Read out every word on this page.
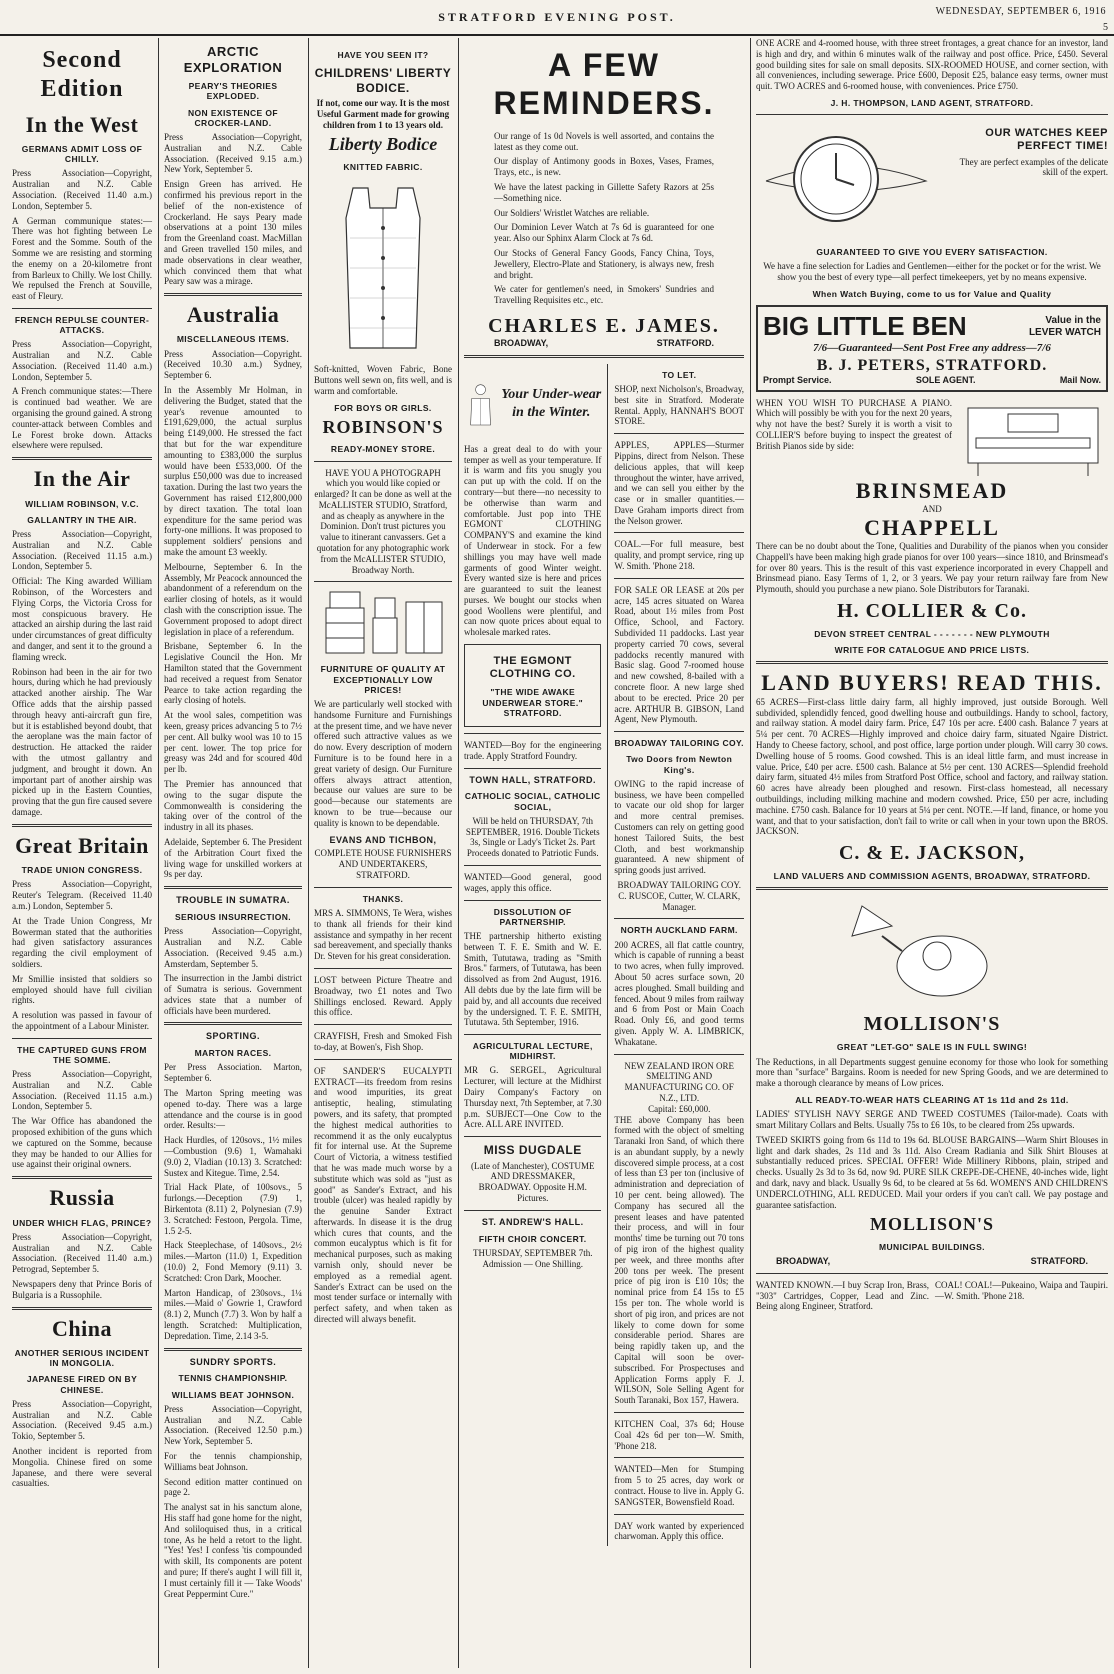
STRATFORD EVENING POST.	WEDNESDAY, SEPTEMBER 6, 1916
5
Second Edition
In the West
GERMANS ADMIT LOSS OF CHILLY.

Press Association—Copyright, Australian and N.Z. Cable Association. (Received 11.40 a.m.) London, September 5.

A German communique states:—There was hot fighting between Le Forest and the Somme. South of the Somme we are resisting and storming the enemy on a 20-kilometre front from Barleux to Chilly. We lost Chilly. We repulsed the French at Souville, east of Fleury.

FRENCH REPULSE COUNTER-ATTACKS.

Press Association—Copyright, Australian and N.Z. Cable Association. (Received 11.40 a.m.) London, September 5.

A French communique states:—There is continued bad weather. We are organising the ground gained. A strong counter-attack between Combles and Le Forest broke down. Attacks elsewhere were repulsed.

In the Air
WILLIAM ROBINSON, V.C.
GALLANTRY IN THE AIR.

Press Association—Copyright, Australian and N.Z. Cable Association. (Received 11.15 a.m.) London, September 5.

Official: The King awarded William Robinson, of the Worcesters and Flying Corps, the Victoria Cross for most conspicuous bravery. He attacked an airship during the last raid under circumstances of great difficulty and danger, and sent it to the ground a flaming wreck.

Robinson had been in the air for two hours, during which he had previously attacked another airship. The War Office adds that the airship passed through heavy anti-aircraft gun fire, but it is established beyond doubt, that the aeroplane was the main factor of destruction. He attacked the raider with the utmost gallantry and judgment, and brought it down. An important part of another airship was picked up in the Eastern Counties, proving that the gun fire caused severe damage.

Great Britain
TRADE UNION CONGRESS.

Press Association—Copyright, Reuter's Telegram. (Received 11.40 a.m.) London, September 5.

At the Trade Union Congress, Mr Bowerman stated that the authorities had given satisfactory assurances regarding the civil employment of soldiers.

Mr Smillie insisted that soldiers so employed should have full civilian rights.

A resolution was passed in favour of the appointment of a Labour Minister.

THE CAPTURED GUNS FROM THE SOMME.

Press Association—Copyright, Australian and N.Z. Cable Association. (Received 11.15 a.m.) London, September 5.

The War Office has abandoned the proposed exhibition of the guns which we captured on the Somme, because they may be handed to our Allies for use against their original owners.

Russia
UNDER WHICH FLAG, PRINCE?

Press Association—Copyright, Australian and N.Z. Cable Association. (Received 11.40 a.m.) Petrograd, September 5.

Newspapers deny that Prince Boris of Bulgaria is a Russophile.

China
ANOTHER SERIOUS INCIDENT IN MONGOLIA.
JAPANESE FIRED ON BY CHINESE.

Press Association—Copyright, Australian and N.Z. Cable Association. (Received 9.45 a.m.) Tokio, September 5.

Another incident is reported from Mongolia. Chinese fired on some Japanese, and there were several casualties.

ARCTIC EXPLORATION
PEARY'S THEORIES EXPLODED.
NON EXISTENCE OF CROCKER-LAND.

Press Association—Copyright, Australian and N.Z. Cable Association. (Received 9.15 a.m.) New York, September 5.

Ensign Green has arrived. He confirmed his previous report in the belief of the non-existence of Crockerland. He says Peary made observations at a point 130 miles from the Greenland coast. MacMillan and Green travelled 150 miles, and made observations in clear weather, which convinced them that what Peary saw was a mirage.

Australia
MISCELLANEOUS ITEMS.

Press Association—Copyright. (Received 10.30 a.m.) Sydney, September 6.

In the Assembly Mr Holman, in delivering the Budget, stated that the year's revenue amounted to £191,629,000, the actual surplus being £149,000. He stressed the fact that but for the war expenditure amounting to £383,000 the surplus would have been £533,000. Of the surplus £50,000 was due to increased taxation. During the last two years the Government has raised £12,800,000 by direct taxation. The total loan expenditure for the same period was forty-one millions. It was proposed to supplement soldiers' pensions and make the amount £3 weekly.

Melbourne, September 6. In the Assembly, Mr Peacock announced the abandonment of a referendum on the earlier closing of hotels, as it would clash with the conscription issue. The Government proposed to adopt direct legislation in place of a referendum.

Brisbane, September 6. In the Legislative Council the Hon. Mr Hamilton stated that the Government had received a request from Senator Pearce to take action regarding the early closing of hotels.

At the wool sales, competition was keen, greasy prices advancing 5 to 7½ per cent. All bulky wool was 10 to 15 per cent. lower. The top price for greasy was 24d and for scoured 40d per lb.

The Premier has announced that owing to the sugar dispute the Commonwealth is considering the taking over of the control of the industry in all its phases.

Adelaide, September 6. The President of the Arbitration Court fixed the living wage for unskilled workers at 9s per day.

TROUBLE IN SUMATRA.
SERIOUS INSURRECTION.

Press Association—Copyright, Australian and N.Z. Cable Association. (Received 9.45 a.m.) Amsterdam, September 5.

The insurrection in the Jambi district of Sumatra is serious. Government advices state that a number of officials have been murdered.

SPORTING.
MARTON RACES.

Per Press Association. Marton, September 6.

The Marton Spring meeting was opened to-day. There was a large attendance and the course is in good order. Results:—

Hack Hurdles, of 120sovs., 1½ miles —Combustion (9.6) 1, Wamahaki (9.0) 2, Vladian (10.13) 3. Scratched: Sustex and Kitegue. Time, 2.54.

Trial Hack Plate, of 100sovs., 5 furlongs.—Deception (7.9) 1, Birkentota (8.11) 2, Polynesian (7.9) 3. Scratched: Festoon, Pergola. Time, 1.5 2-5.

Hack Steeplechase, of 140sovs., 2½ miles.—Marton (11.0) 1, Expedition (10.0) 2, Fond Memory (9.11) 3. Scratched: Cron Dark, Moocher.

Marton Handicap, of 230sovs., 1¼ miles.—Maid o' Gowrie 1, Crawford (8.1) 2, Munch (7.7) 3. Won by half a length. Scratched: Multiplication, Depredation. Time, 2.14 3-5.

SUNDRY SPORTS.
TENNIS CHAMPIONSHIP.
WILLIAMS BEAT JOHNSON.

Press Association—Copyright, Australian and N.Z. Cable Association. (Received 12.50 p.m.) New York, September 5.

For the tennis championship, Williams beat Johnson.

Second edition matter continued on page 2.

The analyst sat in his sanctum alone, His staff had gone home for the night, And soliloquised thus, in a critical tone, As he held a retort to the light. "Yes! Yes! I confess 'tis compounded with skill, Its components are potent and pure; If there's aught I will fill it, I must certainly fill it — Take Woods' Great Peppermint Cure."

HAVE YOU SEEN IT?
CHILDRENS' LIBERTY BODICE.

If not, come our way. It is the most Useful Garment made for growing children from 1 to 13 years old.

Liberty Bodice
KNITTED FABRIC.

Soft-knitted, Woven Fabric, Bone Buttons well sewn on, fits well, and is warm and comfortable.

FOR BOYS OR GIRLS.
ROBINSON'S
READY-MONEY STORE.

HAVE YOU A PHOTOGRAPH which you would like copied or enlarged? It can be done as well at the McALLISTER STUDIO, Stratford, and as cheaply as anywhere in the Dominion. Don't trust pictures you value to itinerant canvassers. Get a quotation for any photographic work from the McALLISTER STUDIO, Broadway North.

FURNITURE OF QUALITY AT EXCEPTIONALLY LOW PRICES!

We are particularly well stocked with handsome Furniture and Furnishings at the present time, and we have never offered such attractive values as we do now. Every description of modern Furniture is to be found here in a great variety of design. Our Furniture offers always attract attention, because our values are sure to be good—because our statements are known to be true—because our quality is known to be dependable.

EVANS AND TICHBON,

COMPLETE HOUSE FURNISHERS AND UNDERTAKERS, STRATFORD.

THANKS.

MRS A. SIMMONS, Te Wera, wishes to thank all friends for their kind assistance and sympathy in her recent sad bereavement, and specially thanks Dr. Steven for his great consideration.

LOST between Picture Theatre and Broadway, two £1 notes and Two Shillings enclosed. Reward. Apply this office.

CRAYFISH, Fresh and Smoked Fish to-day, at Bowen's, Fish Shop.

OF SANDER'S EUCALYPTI EXTRACT—its freedom from resins and wood impurities, its great antiseptic, healing, stimulating powers, and its safety, that prompted the highest medical authorities to recommend it as the only eucalyptus fit for internal use. At the Supreme Court of Victoria, a witness testified that he was made much worse by a substitute which was sold as "just as good" as Sander's Extract, and his trouble (ulcer) was healed rapidly by the genuine Sander Extract afterwards. In disease it is the drug which cures that counts, and the common eucalyptus which is fit for mechanical purposes, such as making varnish only, should never be employed as a remedial agent. Sander's Extract can be used on the most tender surface or internally with perfect safety, and when taken as directed will always benefit.

A FEW REMINDERS.

Our range of 1s 0d Novels is well assorted, and contains the latest as they come out.

Our display of Antimony goods in Boxes, Vases, Frames, Trays, etc., is new.

We have the latest packing in Gillette Safety Razors at 25s —Something nice.

Our Soldiers' Wristlet Watches are reliable.

Our Dominion Lever Watch at 7s 6d is guaranteed for one year. Also our Sphinx Alarm Clock at 7s 6d.

Our Stocks of General Fancy Goods, Fancy China, Toys, Jewellery, Electro-Plate and Stationery, is always new, fresh and bright.

We cater for gentlemen's need, in Smokers' Sundries and Travelling Requisites etc., etc.

CHARLES E. JAMES.
BROADWAY,	STRATFORD.
Your Under-wear in the Winter.

Has a great deal to do with your temper as well as your temperature. If it is warm and fits you snugly you can put up with the cold. If on the contrary—but there—no necessity to be otherwise than warm and comfortable. Just pop into THE EGMONT CLOTHING COMPANY'S and examine the kind of Underwear in stock. For a few shillings you may have well made garments of good Winter weight. Every wanted size is here and prices are guaranteed to suit the leanest purses. We bought our stocks when good Woollens were plentiful, and can now quote prices about equal to wholesale marked rates.

THE EGMONT CLOTHING CO.
"THE WIDE AWAKE UNDERWEAR STORE." STRATFORD.

WANTED—Boy for the engineering trade. Apply Stratford Foundry.

TOWN HALL, STRATFORD.
CATHOLIC SOCIAL, CATHOLIC SOCIAL,

Will be held on THURSDAY, 7th SEPTEMBER, 1916. Double Tickets 3s, Single or Lady's Ticket 2s. Part Proceeds donated to Patriotic Funds.

WANTED—Good general, good wages, apply this office.

DISSOLUTION OF PARTNERSHIP.

THE partnership hitherto existing between T. F. E. Smith and W. E. Smith, Tututawa, trading as "Smith Bros." farmers, of Tututawa, has been dissolved as from 2nd August, 1916. All debts due by the late firm will be paid by, and all accounts due received by the undersigned. T. F. E. SMITH, Tututawa. 5th September, 1916.

AGRICULTURAL LECTURE, MIDHIRST.

MR G. SERGEL, Agricultural Lecturer, will lecture at the Midhirst Dairy Company's Factory on Thursday next, 7th September, at 7.30 p.m. SUBJECT—One Cow to the Acre. ALL ARE INVITED.

MISS DUGDALE

(Late of Manchester), COSTUME AND DRESSMAKER, BROADWAY. Opposite H.M. Pictures.

ST. ANDREW'S HALL.
FIFTH CHOIR CONCERT.

THURSDAY, SEPTEMBER 7th. Admission — One Shilling.

TO LET.

SHOP, next Nicholson's, Broadway, best site in Stratford. Moderate Rental. Apply, HANNAH'S BOOT STORE.

APPLES, APPLES—Sturmer Pippins, direct from Nelson. These delicious apples, that will keep throughout the winter, have arrived, and we can sell you either by the case or in smaller quantities.—Dave Graham imports direct from the Nelson grower.

COAL.—For full measure, best quality, and prompt service, ring up W. Smith. 'Phone 218.

FOR SALE OR LEASE at 20s per acre, 145 acres situated on Warea Road, about 1½ miles from Post Office, School, and Factory. Subdivided 11 paddocks. Last year property carried 70 cows, several paddocks recently manured with Basic slag. Good 7-roomed house and new cowshed, 8-bailed with a concrete floor. A new large shed about to be erected. Price 20 per acre. ARTHUR B. GIBSON, Land Agent, New Plymouth.

BROADWAY TAILORING COY.
Two Doors from Newton King's.

OWING to the rapid increase of business, we have been compelled to vacate our old shop for larger and more central premises. Customers can rely on getting good honest Tailored Suits, the best Cloth, and best workmanship guaranteed. A new shipment of spring goods just arrived.

BROADWAY TAILORING COY. C. RUSCOE, Cutter, W. CLARK, Manager.

NORTH AUCKLAND FARM.

200 ACRES, all flat cattle country, which is capable of running a beast to two acres, when fully improved. About 50 acres surface sown, 20 acres ploughed. Small building and fenced. About 9 miles from railway and 6 from Post or Main Coach Road. Only £6, and good terms given. Apply W. A. LIMBRICK, Whakatane.

NEW ZEALAND IRON ORE SMELTING AND MANUFACTURING CO. OF N.Z., LTD.
Capital: £60,000.

THE above Company has been formed with the object of smelting Taranaki Iron Sand, of which there is an abundant supply, by a newly discovered simple process, at a cost of less than £3 per ton (inclusive of administration and depreciation of 10 per cent. being allowed). The Company has secured all the present leases and have patented their process, and will in four months' time be turning out 70 tons of pig iron of the highest quality per week, and three months after 200 tons per week. The present price of pig iron is £10 10s; the nominal price from £4 15s to £5 15s per ton. The whole world is short of pig iron, and prices are not likely to come down for some considerable period. Shares are being rapidly taken up, and the Capital will soon be over-subscribed. For Prospectuses and Application Forms apply F. J. WILSON, Sole Selling Agent for South Taranaki, Box 157, Hawera.

KITCHEN Coal, 37s 6d; House Coal 42s 6d per ton—W. Smith, 'Phone 218.

WANTED—Men for Stumping from 5 to 25 acres, day work or contract. House to live in. Apply G. SANGSTER, Bowensfield Road.

DAY work wanted by experienced charwoman. Apply this office.

ONE ACRE and 4-roomed house, with three street frontages, a great chance for an investor, land is high and dry, and within 6 minutes walk of the railway and post office. Price, £450. Several good building sites for sale on small deposits. SIX-ROOMED HOUSE, and corner section, with all conveniences, including sewerage. Price £600, Deposit £25, balance easy terms, owner must quit. TWO ACRES and 6-roomed house, with conveniences. Price £750.

J. H. THOMPSON, LAND AGENT, STRATFORD.
OUR WATCHES KEEP PERFECT TIME!

They are perfect examples of the delicate skill of the expert.

GUARANTEED TO GIVE YOU EVERY SATISFACTION.

We have a fine selection for Ladies and Gentlemen—either for the pocket or for the wrist. We show you the best of every type—all perfect timekeepers, yet by no means expensive.

When Watch Buying, come to us for Value and Quality
BIG LITTLE BEN	Value in the LEVER WATCH
7/6—Guaranteed—Sent Post Free any address—7/6
B. J. PETERS, STRATFORD.
Prompt Service.	SOLE AGENT.	Mail Now.

WHEN YOU WISH TO PURCHASE A PIANO. Which will possibly be with you for the next 20 years, why not have the best? Surely it is worth a visit to COLLIER'S before buying to inspect the greatest of British Pianos side by side:

BRINSMEAD
AND
CHAPPELL

There can be no doubt about the Tone, Qualities and Durability of the pianos when you consider Chappell's have been making high grade pianos for over 100 years—since 1810, and Brinsmead's for over 80 years. This is the result of this vast experience incorporated in every Chappell and Brinsmead piano. Easy Terms of 1, 2, or 3 years. We pay your return railway fare from New Plymouth, should you purchase a new piano. Sole Distributors for Taranaki.

H. COLLIER & Co.
DEVON STREET CENTRAL - - - - - - - NEW PLYMOUTH
WRITE FOR CATALOGUE AND PRICE LISTS.
LAND BUYERS! READ THIS.

65 ACRES—First-class little dairy farm, all highly improved, just outside Borough. Well subdivided, splendidly fenced, good dwelling house and outbuildings. Handy to school, factory, and railway station. A model dairy farm. Price, £47 10s per acre. £400 cash. Balance 7 years at 5¼ per cent. 70 ACRES—Highly improved and choice dairy farm, situated Ngaire District. Handy to Cheese factory, school, and post office, large portion under plough. Will carry 30 cows. Dwelling house of 5 rooms. Good cowshed. This is an ideal little farm, and must increase in value. Price, £40 per acre. £500 cash. Balance at 5½ per cent. 130 ACRES—Splendid freehold dairy farm, situated 4½ miles from Stratford Post Office, school and factory, and railway station. 60 acres have already been ploughed and resown. First-class homestead, all necessary outbuildings, including milking machine and modern cowshed. Price, £50 per acre, including machine. £750 cash. Balance for 10 years at 5¼ per cent. NOTE.—If land, finance, or home you want, and that to your satisfaction, don't fail to write or call when in your town upon the BROS. JACKSON.

C. & E. JACKSON,
LAND VALUERS AND COMMISSION AGENTS, BROADWAY, STRATFORD.
MOLLISON'S
GREAT "LET-GO" SALE IS IN FULL SWING!

The Reductions, in all Departments suggest genuine economy for those who look for something more than "surface" Bargains. Room is needed for new Spring Goods, and we are determined to make a thorough clearance by means of Low prices.

ALL READY-TO-WEAR HATS CLEARING AT 1s 11d and 2s 11d.

LADIES' STYLISH NAVY SERGE AND TWEED COSTUMES (Tailor-made). Coats with smart Military Collars and Belts. Usually 75s to £6 10s, to be cleared from 25s upwards.

TWEED SKIRTS going from 6s 11d to 19s 6d. BLOUSE BARGAINS—Warm Shirt Blouses in light and dark shades, 2s 11d and 3s 11d. Also Cream Radiania and Silk Shirt Blouses at substantially reduced prices. SPECIAL OFFER! Wide Millinery Ribbons, plain, striped and checks. Usually 2s 3d to 3s 6d, now 9d. PURE SILK CREPE-DE-CHENE, 40-inches wide, light and dark, navy and black. Usually 9s 6d, to be cleared at 5s 6d. WOMEN'S AND CHILDREN'S UNDERCLOTHING, ALL REDUCED. Mail your orders if you can't call. We pay postage and guarantee satisfaction.

MOLLISON'S
MUNICIPAL BUILDINGS.
BROADWAY,	STRATFORD.

WANTED KNOWN.—I buy Scrap Iron, Brass, "303" Cartridges, Copper, Lead and Zinc. Being along Engineer, Stratford.

COAL! COAL!—Pukeaino, Waipa and Taupiri.—W. Smith. 'Phone 218.
